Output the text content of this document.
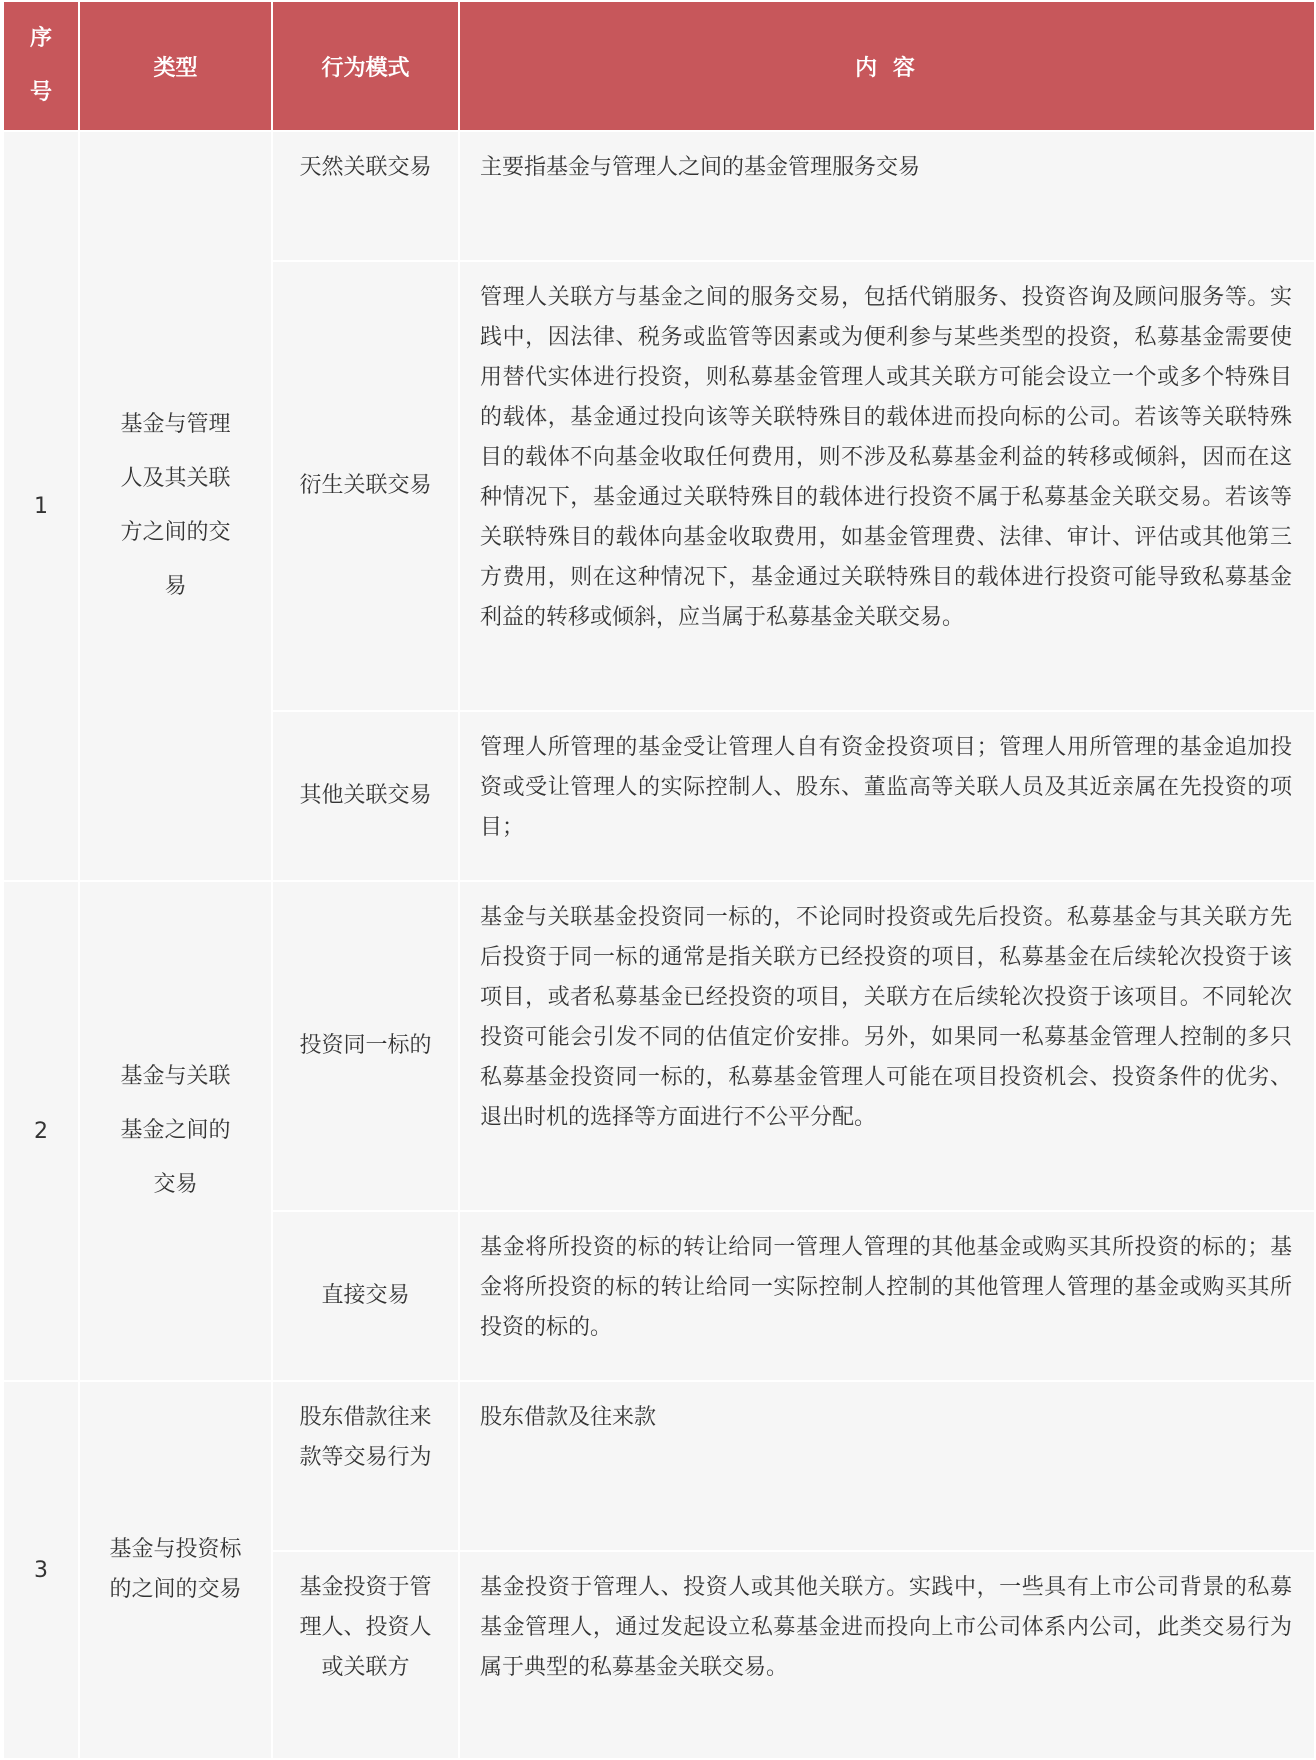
序
号	类型	行为模式	内 容
1	基金与管理人及其关联方之间的交易	天然关联交易	主要指基金与管理人之间的基金管理服务交易
		衍生关联交易	管理人关联方与基金之间的服务交易，包括代销服务、投资咨询及顾问服务等。实践中，因法律、税务或监管等因素或为便利参与某些类型的投资，私募基金需要使用替代实体进行投资，则私募基金管理人或其关联方可能会设立一个或多个特殊目的载体，基金通过投向该等关联特殊目的载体进而投向标的公司。若该等关联特殊目的载体不向基金收取任何费用，则不涉及私募基金利益的转移或倾斜，因而在这种情况下，基金通过关联特殊目的载体进行投资不属于私募基金关联交易。若该等关联特殊目的载体向基金收取费用，如基金管理费、法律、审计、评估或其他第三方费用，则在这种情况下，基金通过关联特殊目的载体进行投资可能导致私募基金利益的转移或倾斜，应当属于私募基金关联交易。
		其他关联交易	管理人所管理的基金受让管理人自有资金投资项目；管理人用所管理的基金追加投资或受让管理人的实际控制人、股东、董监高等关联人员及其近亲属在先投资的项目；
2	基金与关联基金之间的交易	投资同一标的	基金与关联基金投资同一标的，不论同时投资或先后投资。私募基金与其关联方先后投资于同一标的通常是指关联方已经投资的项目，私募基金在后续轮次投资于该项目，或者私募基金已经投资的项目，关联方在后续轮次投资于该项目。不同轮次投资可能会引发不同的估值定价安排。另外，如果同一私募基金管理人控制的多只私募基金投资同一标的，私募基金管理人可能在项目投资机会、投资条件的优劣、退出时机的选择等方面进行不公平分配。
		直接交易	基金将所投资的标的转让给同一管理人管理的其他基金或购买其所投资的标的；基金将所投资的标的转让给同一实际控制人控制的其他管理人管理的基金或购买其所投资的标的。
3	基金与投资标的之间的交易	股东借款往来款等交易行为	股东借款及往来款
		基金投资于管理人、投资人或关联方	基金投资于管理人、投资人或其他关联方。实践中，一些具有上市公司背景的私募基金管理人，通过发起设立私募基金进而投向上市公司体系内公司，此类交易行为属于典型的私募基金关联交易。
